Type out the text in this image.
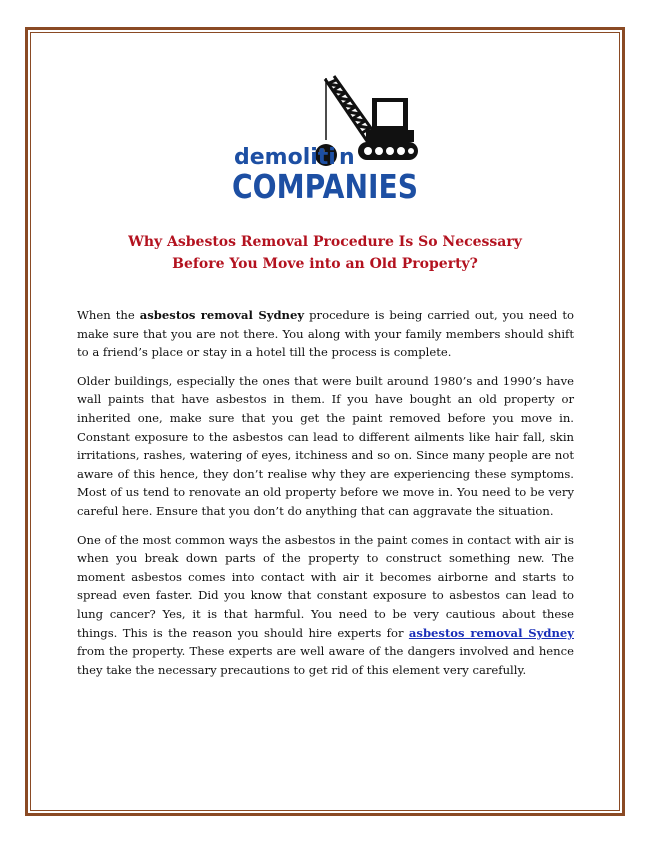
demoliti n
COMPANIES
Why Asbestos Removal Procedure Is So Necessary
Before You Move into an Old Property?

When the asbestos removal Sydney procedure is being carried out, you need to make sure that you are not there. You along with your family members should shift to a friend’s place or stay in a hotel till the process is complete.

Older buildings, especially the ones that were built around 1980’s and 1990’s have wall paints that have asbestos in them. If you have bought an old property or inherited one, make sure that you get the paint removed before you move in. Constant exposure to the asbestos can lead to different ailments like hair fall, skin irritations, rashes, watering of eyes, itchiness and so on. Since many people are not aware of this hence, they don’t realise why they are experiencing these symptoms. Most of us tend to renovate an old property before we move in. You need to be very careful here. Ensure that you don’t do anything that can aggravate the situation.

One of the most common ways the asbestos in the paint comes in contact with air is when you break down parts of the property to construct something new. The moment asbestos comes into contact with air it becomes airborne and starts to spread even faster. Did you know that constant exposure to asbestos can lead to lung cancer? Yes, it is that harmful. You need to be very cautious about these things. This is the reason you should hire experts for asbestos removal Sydney from the property. These experts are well aware of the dangers involved and hence they take the necessary precautions to get rid of this element very carefully.
